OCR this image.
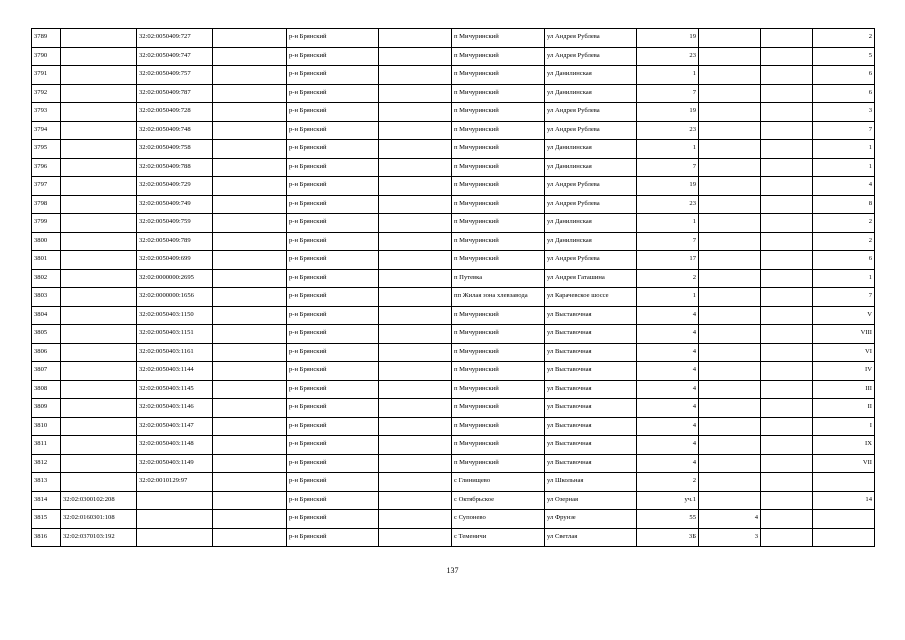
3789		32:02:0050409:727		р-н Брянский		п Мичуринский	ул Андрея Рублева	19			2
3790		32:02:0050409:747		р-н Брянский		п Мичуринский	ул Андрея Рублева	23			5
3791		32:02:0050409:757		р-н Брянский		п Мичуринский	ул Данилинская	1			6
3792		32:02:0050409:787		р-н Брянский		п Мичуринский	ул Данилинская	7			6
3793		32:02:0050409:728		р-н Брянский		п Мичуринский	ул Андрея Рублева	19			3
3794		32:02:0050409:748		р-н Брянский		п Мичуринский	ул Андрея Рублева	23			7
3795		32:02:0050409:758		р-н Брянский		п Мичуринский	ул Данилинская	1			1
3796		32:02:0050409:788		р-н Брянский		п Мичуринский	ул Данилинская	7			1
3797		32:02:0050409:729		р-н Брянский		п Мичуринский	ул Андрея Рублева	19			4
3798		32:02:0050409:749		р-н Брянский		п Мичуринский	ул Андрея Рублева	23			8
3799		32:02:0050409:759		р-н Брянский		п Мичуринский	ул Данилинская	1			2
3800		32:02:0050409:789		р-н Брянский		п Мичуринский	ул Данилинская	7			2
3801		32:02:0050409:699		р-н Брянский		п Мичуринский	ул Андрея Рублева	17			6
3802		32:02:0000000:2695		р-н Брянский		п Путевка	ул Андрея Гаташина	2			1
3803		32:02:0000000:1656		р-н Брянский		пп Жилая зона хлевзавода	ул Карачевское шоссе	1			7
3804		32:02:0050403:1150		р-н Брянский		п Мичуринский	ул Выставочная	4			V
3805		32:02:0050403:1151		р-н Брянский		п Мичуринский	ул Выставочная	4			VIII
3806		32:02:0050403:1161		р-н Брянский		п Мичуринский	ул Выставочная	4			VI
3807		32:02:0050403:1144		р-н Брянский		п Мичуринский	ул Выставочная	4			IV
3808		32:02:0050403:1145		р-н Брянский		п Мичуринский	ул Выставочная	4			III
3809		32:02:0050403:1146		р-н Брянский		п Мичуринский	ул Выставочная	4			II
3810		32:02:0050403:1147		р-н Брянский		п Мичуринский	ул Выставочная	4			I
3811		32:02:0050403:1148		р-н Брянский		п Мичуринский	ул Выставочная	4			IX
3812		32:02:0050403:1149		р-н Брянский		п Мичуринский	ул Выставочная	4			VII
3813		32:02:0010129:97		р-н Брянский		с Глинищево	ул Школьная	2			
3814	32:02:0300102:208			р-н Брянский		с Октябрьское	ул Озерная	уч.1			14
3815	32:02:0160301:108			р-н Брянский		с Супонево	ул Фрунзе	55	4		
3816	32:02:0370103:192			р-н Брянский		с Теменичи	ул Светлая	3Б	3		
137
